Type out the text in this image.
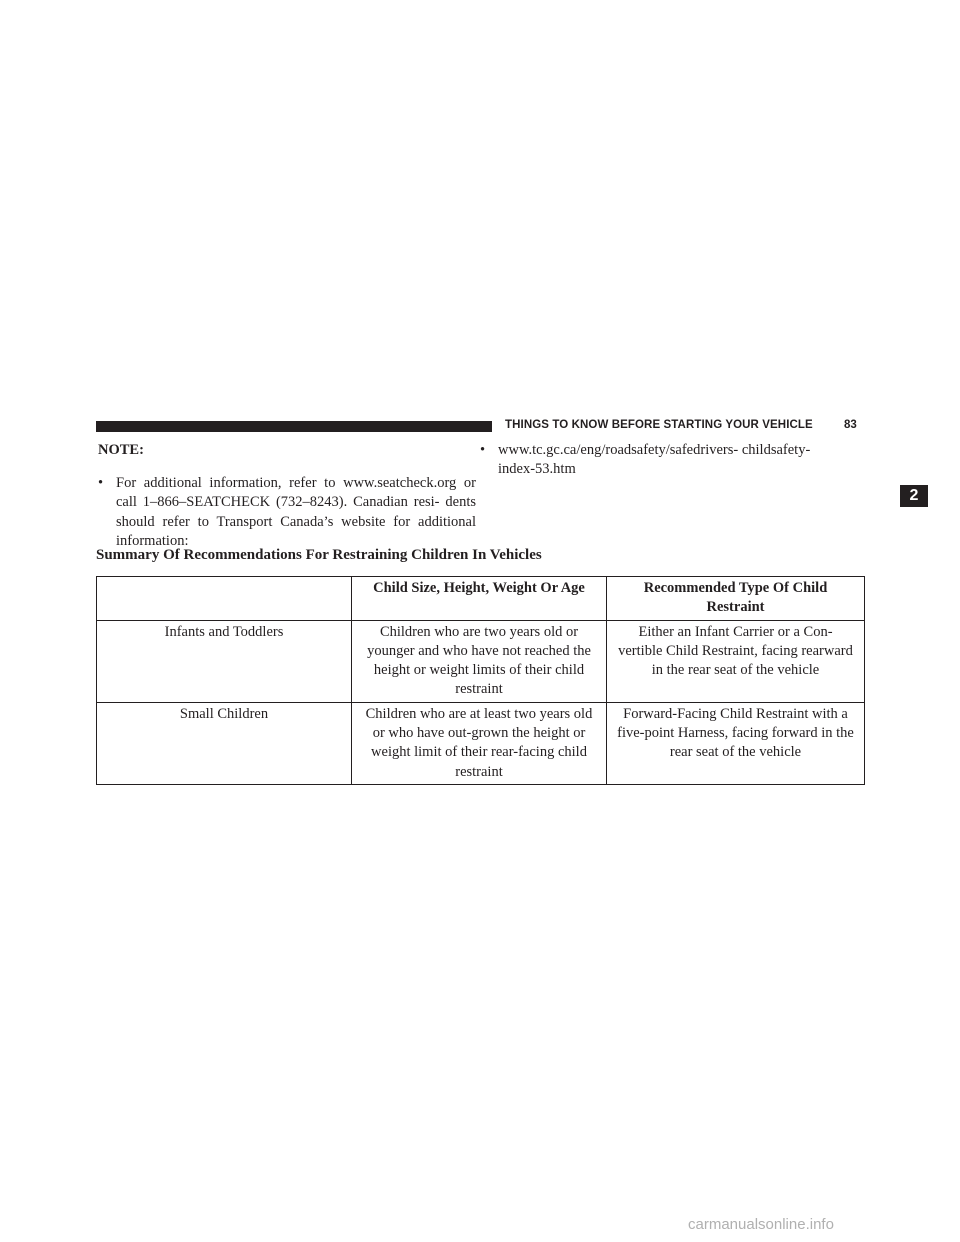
THINGS TO KNOW BEFORE STARTING YOUR VEHICLE	83
2
NOTE:
• For additional information, refer to www.seatcheck.org or call 1–866–SEATCHECK (732–8243). Canadian resi- dents should refer to Transport Canada’s website for additional information:
• www.tc.gc.ca/eng/roadsafety/safedrivers- childsafety-index-53.htm
Summary Of Recommendations For Restraining Children In Vehicles
	Child Size, Height, Weight Or Age	Recommended Type Of Child Restraint
Infants and Toddlers	Children who are two years old or younger and who have not reached the height or weight limits of their child restraint	Either an Infant Carrier or a Con- vertible Child Restraint, facing rearward in the rear seat of the vehicle
Small Children	Children who are at least two years old or who have out-grown the height or weight limit of their rear-facing child restraint	Forward-Facing Child Restraint with a five-point Harness, facing forward in the rear seat of the vehicle
carmanualsonline.info
